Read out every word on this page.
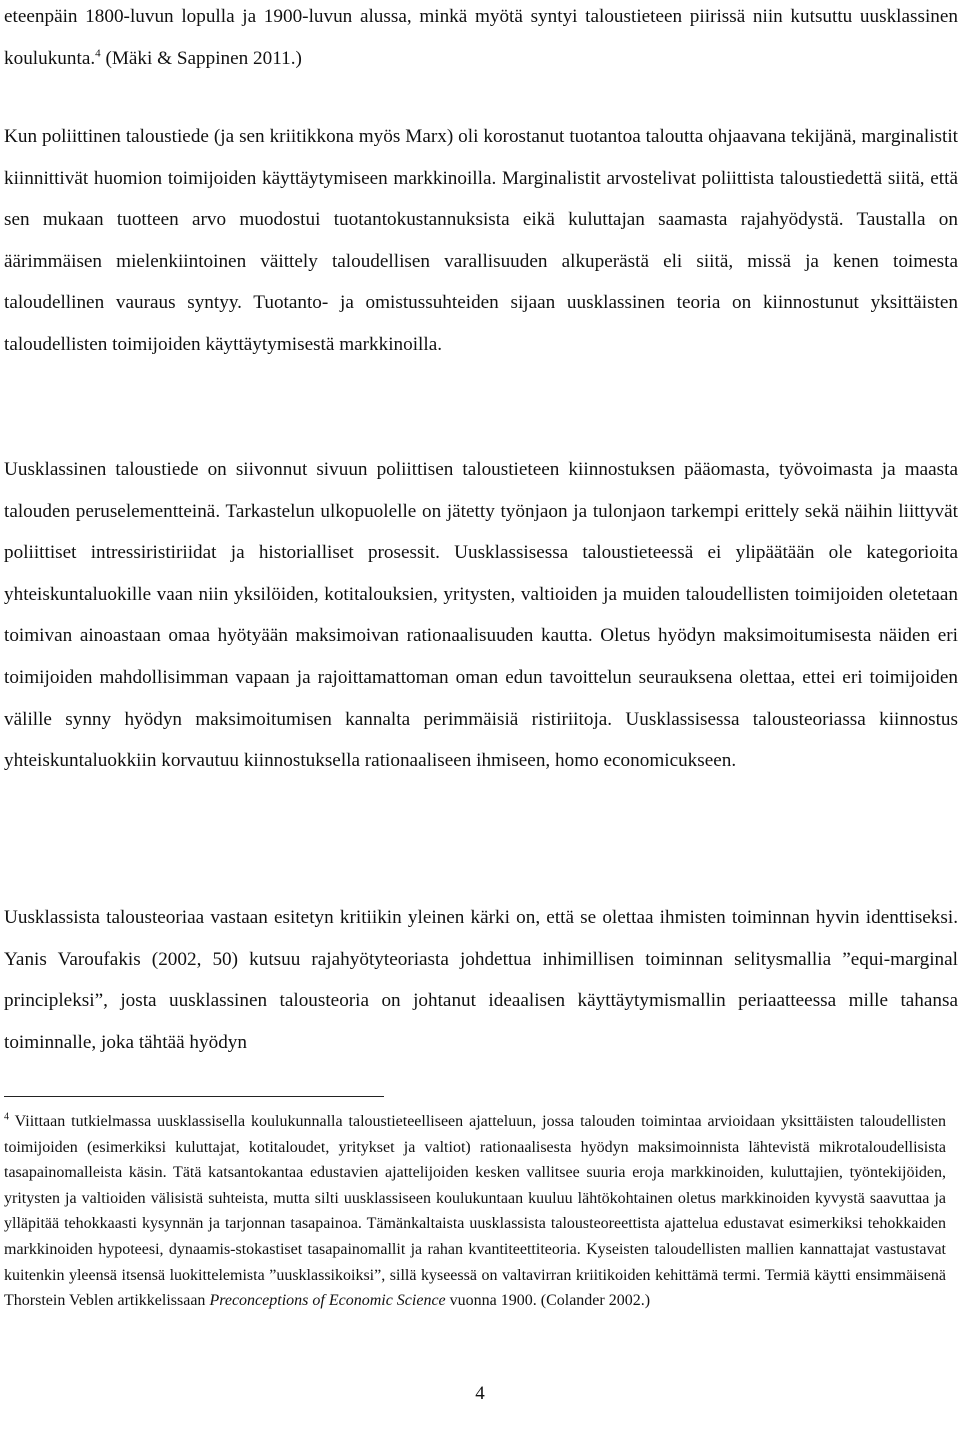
eteenpäin 1800-luvun lopulla ja 1900-luvun alussa, minkä myötä syntyi taloustieteen piirissä niin kutsuttu uusklassinen koulukunta.$^4$ (Mäki & Sappinen 2011.)

Kun poliittinen taloustiede (ja sen kriitikkona myös Marx) oli korostanut tuotantoa taloutta ohjaavana tekijänä, marginalistit kiinnittivät huomion toimijoiden käyttäytymiseen markkinoilla. Marginalistit arvostelivat poliittista taloustiedettä siitä, että sen mukaan tuotteen arvo muodostui tuotantokustannuksista eikä kuluttajan saamasta rajahyödystä. Taustalla on äärimmäisen mielenkiintoinen väittely taloudellisen varallisuuden alkuperästä eli siitä, missä ja kenen toimesta taloudellinen vauraus syntyy. Tuotanto- ja omistussuhteiden sijaan uusklassinen teoria on kiinnostunut yksittäisten taloudellisten toimijoiden käyttäytymisestä markkinoilla.

Uusklassinen taloustiede on siivonnut sivuun poliittisen taloustieteen kiinnostuksen pääomasta, työvoimasta ja maasta talouden peruselementteinä. Tarkastelun ulkopuolelle on jätetty työnjaon ja tulonjaon tarkempi erittely sekä näihin liittyvät poliittiset intressiristiriidat ja historialliset prosessit. Uusklassisessa taloustieteessä ei ylipäätään ole kategorioita yhteiskuntaluokille vaan niin yksilöiden, kotitalouksien, yritysten, valtioiden ja muiden taloudellisten toimijoiden oletetaan toimivan ainoastaan omaa hyötyään maksimoivan rationaalisuuden kautta. Oletus hyödyn maksimoitumisesta näiden eri toimijoiden mahdollisimman vapaan ja rajoittamattoman oman edun tavoittelun seurauksena olettaa, ettei eri toimijoiden välille synny hyödyn maksimoitumisen kannalta perimmäisiä ristiriitoja. Uusklassisessa talousteoriassa kiinnostus yhteiskuntaluokkiin korvautuu kiinnostuksella rationaaliseen ihmiseen, homo economicukseen.

Uusklassista talousteoriaa vastaan esitetyn kritiikin yleinen kärki on, että se olettaa ihmisten toiminnan hyvin identtiseksi. Yanis Varoufakis (2002, 50) kutsuu rajahyötyteoriasta johdettua inhimillisen toiminnan selitysmallia ”equi-marginal principleksi”, josta uusklassinen talousteoria on johtanut ideaalisen käyttäytymismallin periaatteessa mille tahansa toiminnalle, joka tähtää hyödyn

$^4$ Viittaan tutkielmassa uusklassisella koulukunnalla taloustieteelliseen ajatteluun, jossa talouden toimintaa arvioidaan yksittäisten taloudellisten toimijoiden (esimerkiksi kuluttajat, kotitaloudet, yritykset ja valtiot) rationaalisesta hyödyn maksimoinnista lähtevistä mikrotaloudellisista tasapainomalleista käsin. Tätä katsantokantaa edustavien ajattelijoiden kesken vallitsee suuria eroja markkinoiden, kuluttajien, työntekijöiden, yritysten ja valtioiden välisistä suhteista, mutta silti uusklassiseen koulukuntaan kuuluu lähtökohtainen oletus markkinoiden kyvystä saavuttaa ja ylläpitää tehokkaasti kysynnän ja tarjonnan tasapainoa. Tämänkaltaista uusklassista talousteoreettista ajattelua edustavat esimerkiksi tehokkaiden markkinoiden hypoteesi, dynaamis-stokastiset tasapainomallit ja rahan kvantiteettiteoria. Kyseisten taloudellisten mallien kannattajat vastustavat kuitenkin yleensä itsensä luokittelemista ”uusklassikoiksi”, sillä kyseessä on valtavirran kriitikoiden kehittämä termi. Termiä käytti ensimmäisenä Thorstein Veblen artikkelissaan Preconceptions of Economic Science vuonna 1900. (Colander 2002.)

4
